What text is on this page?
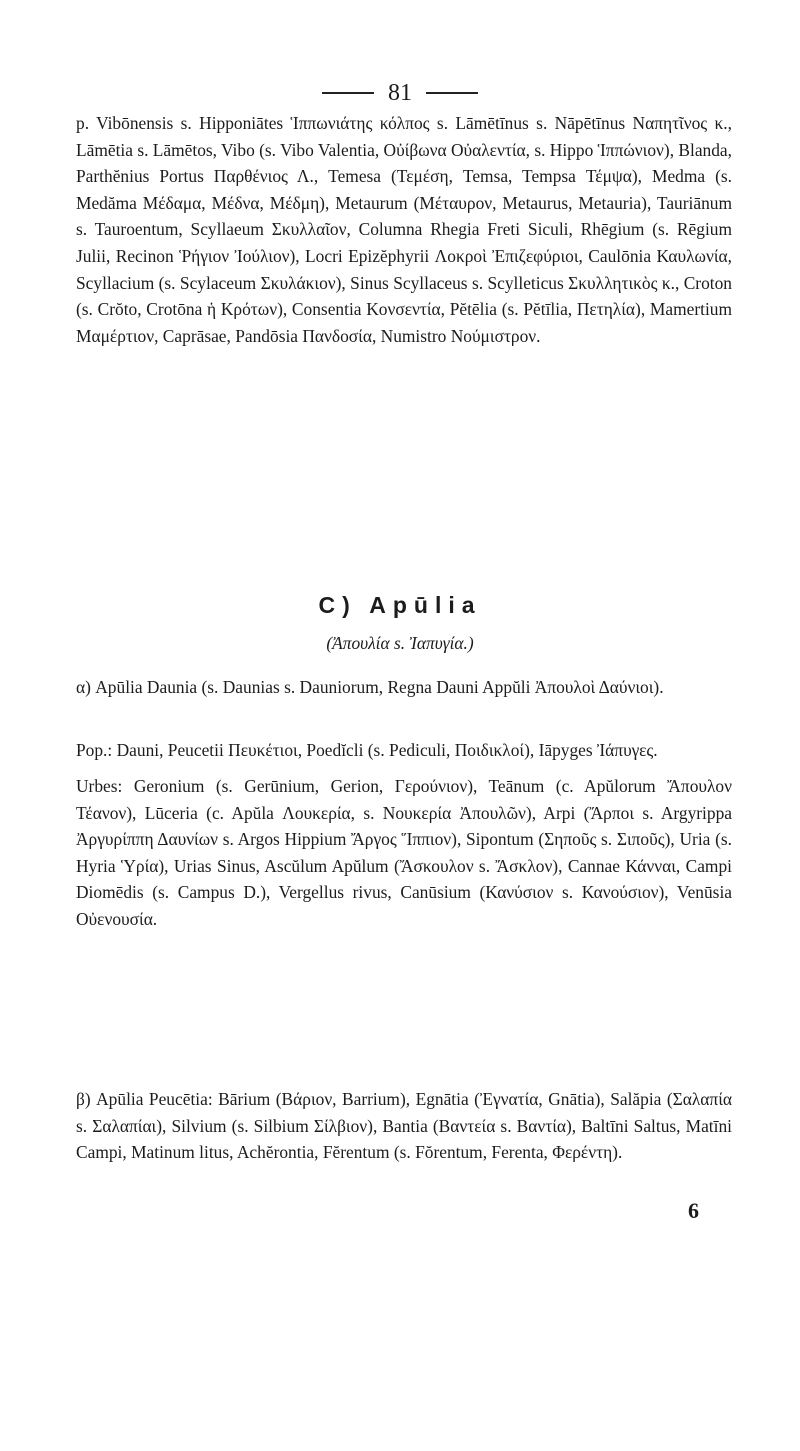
81
p. Vibōnensis s. Hipponiātes Ἱππωνιάτης κόλπος s. Lāmētīnus s. Nāpētīnus Ναπητῖνος κ., Lāmētia s. Lāmētos, Vibo (s. Vibo Valentia, Οὐίβωνα Οὐαλεντία, s. Hippo Ἱππώνιον), Blanda, Parthĕnius Portus Παρθένιος Λ., Temesa (Τεμέση, Temsa, Tempsa Τέμψα), Medma (s. Medăma Μέδαμα, Μέδνα, Μέδμη), Metaurum (Μέταυρον, Metaurus, Metauria), Tauriānum s. Tauroentum, Scyllaeum Σκυλλαῖον, Columna Rhegia Freti Siculi, Rhēgium (s. Rēgium Julii, Recinon Ῥήγιον Ἰούλιον), Locri Epizĕphyrii Λοκροὶ Ἐπιζεφύριοι, Caulōnia Καυλωνία, Scyllacium (s. Scylaceum Σκυλάκιον), Sinus Scyllaceus s. Scylleticus Σκυλλητικὸς κ., Croton (s. Crŏto, Crotōna ἡ Κρότων), Consentia Κονσεντία, Pĕtēlia (s. Pĕtīlia, Πετηλία), Mamertium Μαμέρτιον, Caprāsae, Pandōsia Πανδοσία, Numistro Νούμιστρον.
C) Apūlia
(Ἀπουλία s. Ἰαπυγία.)
α) Apūlia Daunia (s. Daunias s. Dauniorum, Regna Dauni Appŭli Ἀπουλοὶ Δαύνιοι).
Pop.: Dauni, Peucetii Πευκέτιοι, Poedĭcli (s. Pediculi, Ποιδικλοί), Iāpyges Ἰάπυγες.
Urbes: Geronium (s. Gerūnium, Gerion, Γερούνιον), Teānum (c. Apŭlorum Ἄπουλον Τέανον), Lūceria (c. Apŭla Λουκερία, s. Νουκερία Ἀπουλῶν), Arpi (Ἄρποι s. Argyrippa Ἀργυρίππη Δαυνίων s. Argos Hippium Ἄργος Ἵππιον), Sipontum (Σηποῦς s. Σιποῦς), Uria (s. Hyria Ὑρία), Urias Sinus, Ascŭlum Apŭlum (Ἄσκουλον s. Ἄσκλον), Cannae Κάνναι, Campi Diomēdis (s. Campus D.), Vergellus rivus, Canūsium (Κανύσιον s. Κανούσιον), Venūsia Οὐενουσία.
β) Apūlia Peucētia: Bārium (Βάριον, Barrium), Egnātia (Ἐγνατία, Gnātia), Salăpia (Σαλαπία s. Σαλαπίαι), Silvium (s. Silbium Σίλβιον), Bantia (Βαντεία s. Βαντία), Baltīni Saltus, Matīni Campi, Matinum litus, Achĕrontia, Fĕrentum (s. Fŏrentum, Ferenta, Φερέντη).
6
